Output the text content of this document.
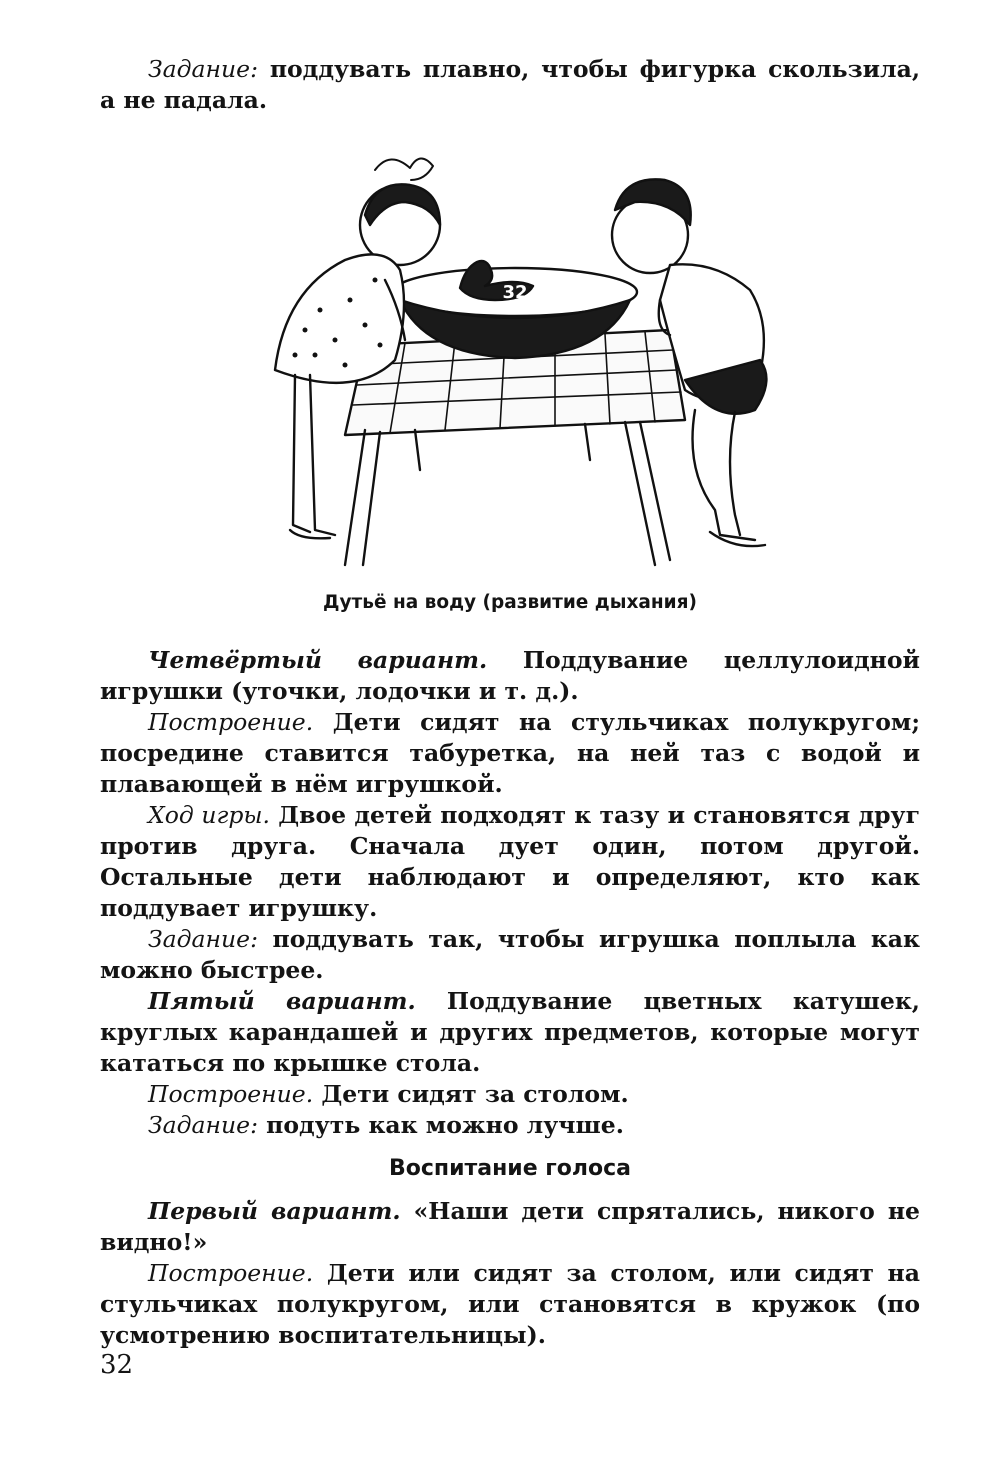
Задание: поддувать плавно, чтобы фигурка скользила, а не падала.

32
Дутьё на воду (развитие дыхания)

Четвёртый вариант. Поддувание целлулоидной игрушки (уточки, лодочки и т. д.).

Построение. Дети сидят на стульчиках полукругом; посредине ставится табуретка, на ней таз с водой и плавающей в нём игрушкой.

Ход игры. Двое детей подходят к тазу и становятся друг против друга. Сначала дует один, потом другой. Остальные дети наблюдают и определяют, кто как поддувает игрушку.

Задание: поддувать так, чтобы игрушка поплыла как можно быстрее.

Пятый вариант. Поддувание цветных катушек, круглых карандашей и других предметов, которые могут кататься по крышке стола.

Построение. Дети сидят за столом.

Задание: подуть как можно лучше.

Воспитание голоса

Первый вариант. «Наши дети спрятались, никого не видно!»

Построение. Дети или сидят за столом, или сидят на стульчиках полукругом, или становятся в кружок (по усмотрению воспитательницы).

32
